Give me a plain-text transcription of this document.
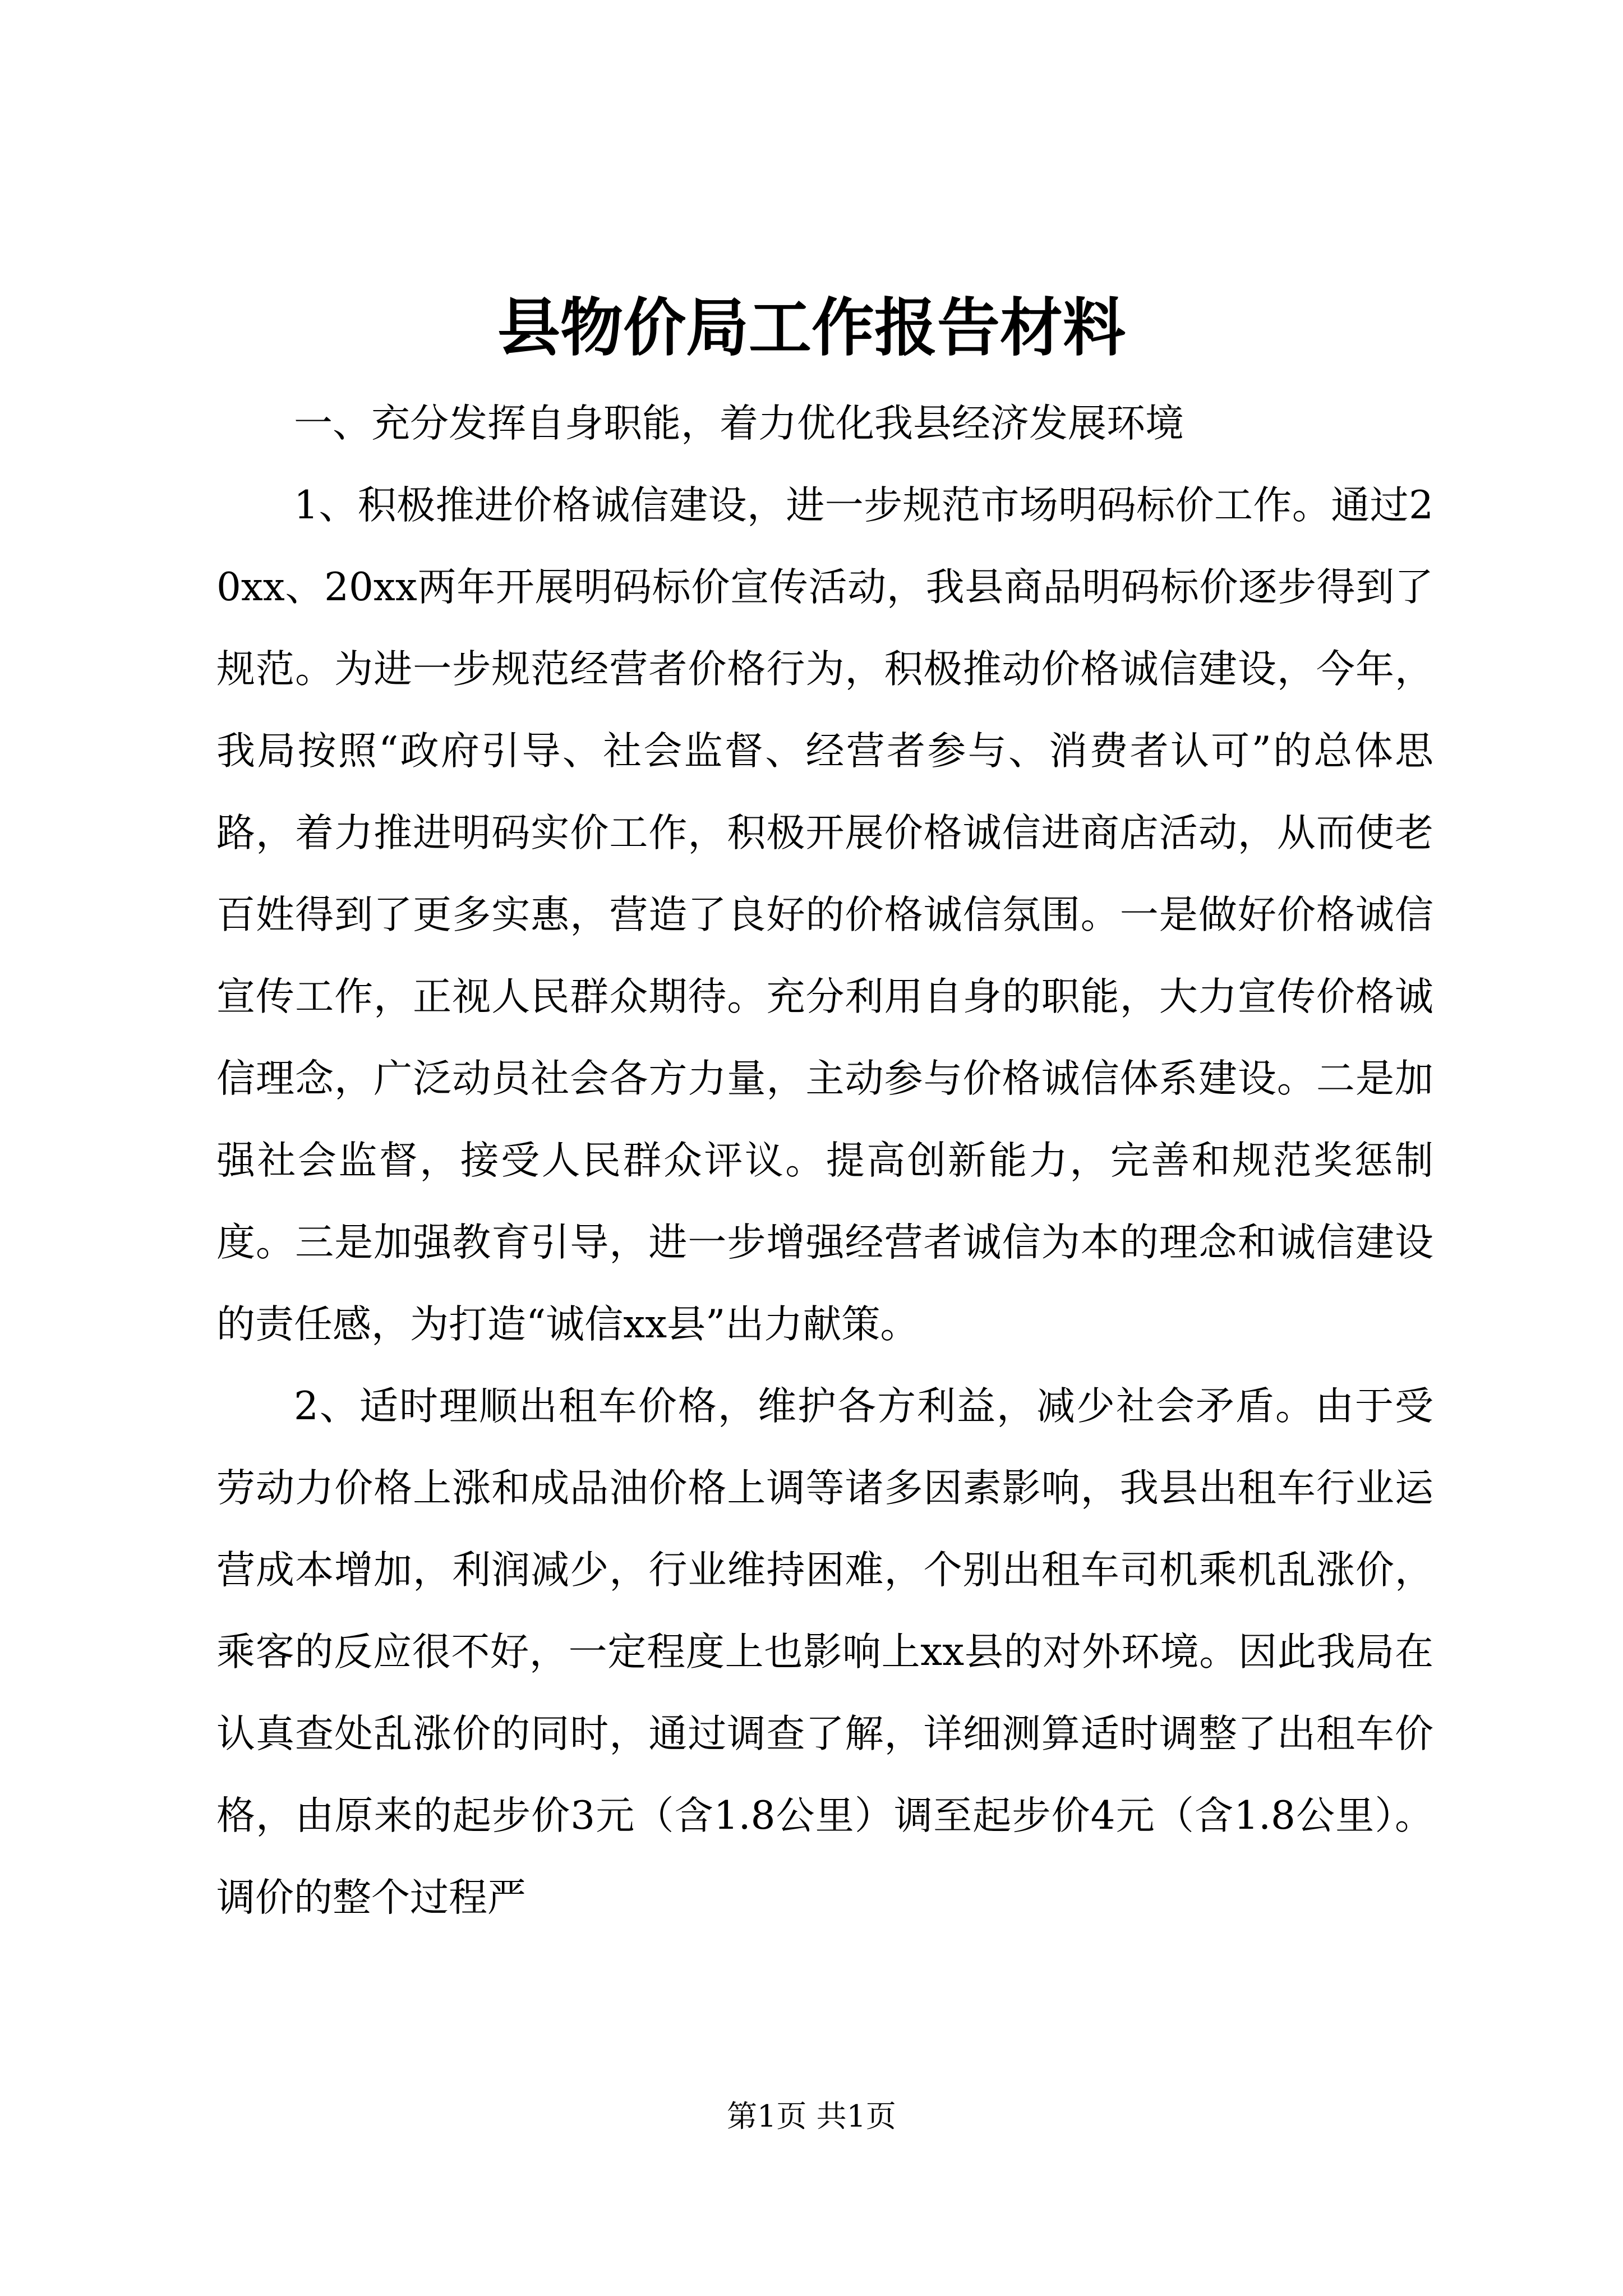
县物价局工作报告材料

一、充分发挥自身职能，着力优化我县经济发展环境

1、积极推进价格诚信建设，进一步规范市场明码标价工作。通过20xx、20xx两年开展明码标价宣传活动，我县商品明码标价逐步得到了规范。为进一步规范经营者价格行为，积极推动价格诚信建设，今年，我局按照“政府引导、社会监督、经营者参与、消费者认可”的总体思路，着力推进明码实价工作，积极开展价格诚信进商店活动，从而使老百姓得到了更多实惠，营造了良好的价格诚信氛围。一是做好价格诚信宣传工作，正视人民群众期待。充分利用自身的职能，大力宣传价格诚信理念，广泛动员社会各方力量，主动参与价格诚信体系建设。二是加强社会监督，接受人民群众评议。提高创新能力，完善和规范奖惩制度。三是加强教育引导，进一步增强经营者诚信为本的理念和诚信建设的责任感，为打造“诚信xx县”出力献策。

2、适时理顺出租车价格，维护各方利益，减少社会矛盾。由于受劳动力价格上涨和成品油价格上调等诸多因素影响，我县出租车行业运营成本增加，利润减少，行业维持困难，个别出租车司机乘机乱涨价，乘客的反应很不好，一定程度上也影响上xx县的对外环境。因此我局在认真查处乱涨价的同时，通过调查了解，详细测算适时调整了出租车价格，由原来的起步价3元（含1.8公里）调至起步价4元（含1.8公里）。调价的整个过程严

第1页 共1页
